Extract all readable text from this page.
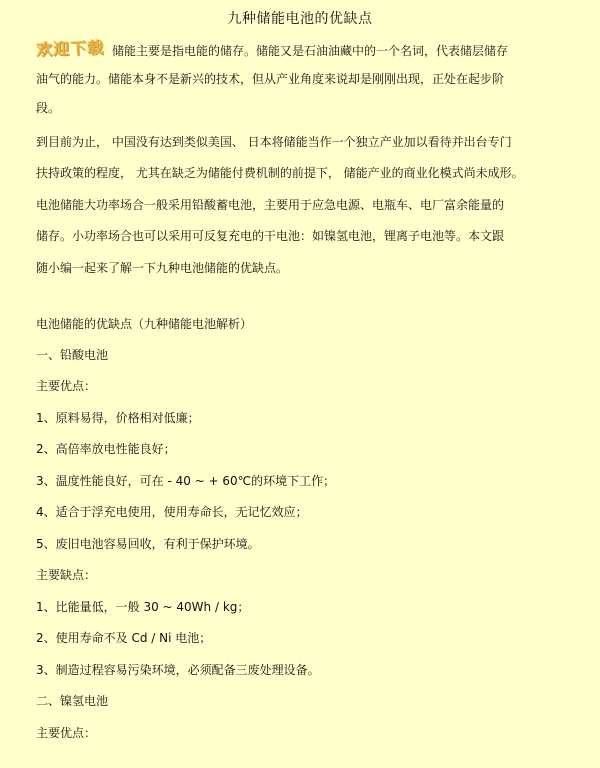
九种储能电池的优缺点
欢迎下载 储能主要是指电能的储存。储能又是石油油藏中的一个名词，代表储层储存
油气的能力。储能本身不是新兴的技术，但从产业角度来说却是刚刚出现，正处在起步阶
段。
到目前为止， 中国没有达到类似美国、 日本将储能当作一个独立产业加以看待并出台专门
扶持政策的程度， 尤其在缺乏为储能付费机制的前提下， 储能产业的商业化模式尚未成形。
电池储能大功率场合一般采用铅酸蓄电池，主要用于应急电源、电瓶车、电厂富余能量的
储存。小功率场合也可以采用可反复充电的干电池：如镍氢电池，锂离子电池等。本文跟
随小编一起来了解一下九种电池储能的优缺点。
电池储能的优缺点（九种储能电池解析）
一、铅酸电池
主要优点：
1、原料易得，价格相对低廉；
2、高倍率放电性能良好；
3、温度性能良好，可在 - 40 ~ + 60℃的环境下工作；
4、适合于浮充电使用，使用寿命长，无记忆效应；
5、废旧电池容易回收，有利于保护环境。
主要缺点：
1、比能量低，一般 30 ~ 40Wh / kg；
2、使用寿命不及 Cd / Ni 电池；
3、制造过程容易污染环境，必须配备三废处理设备。
二、镍氢电池
主要优点：
